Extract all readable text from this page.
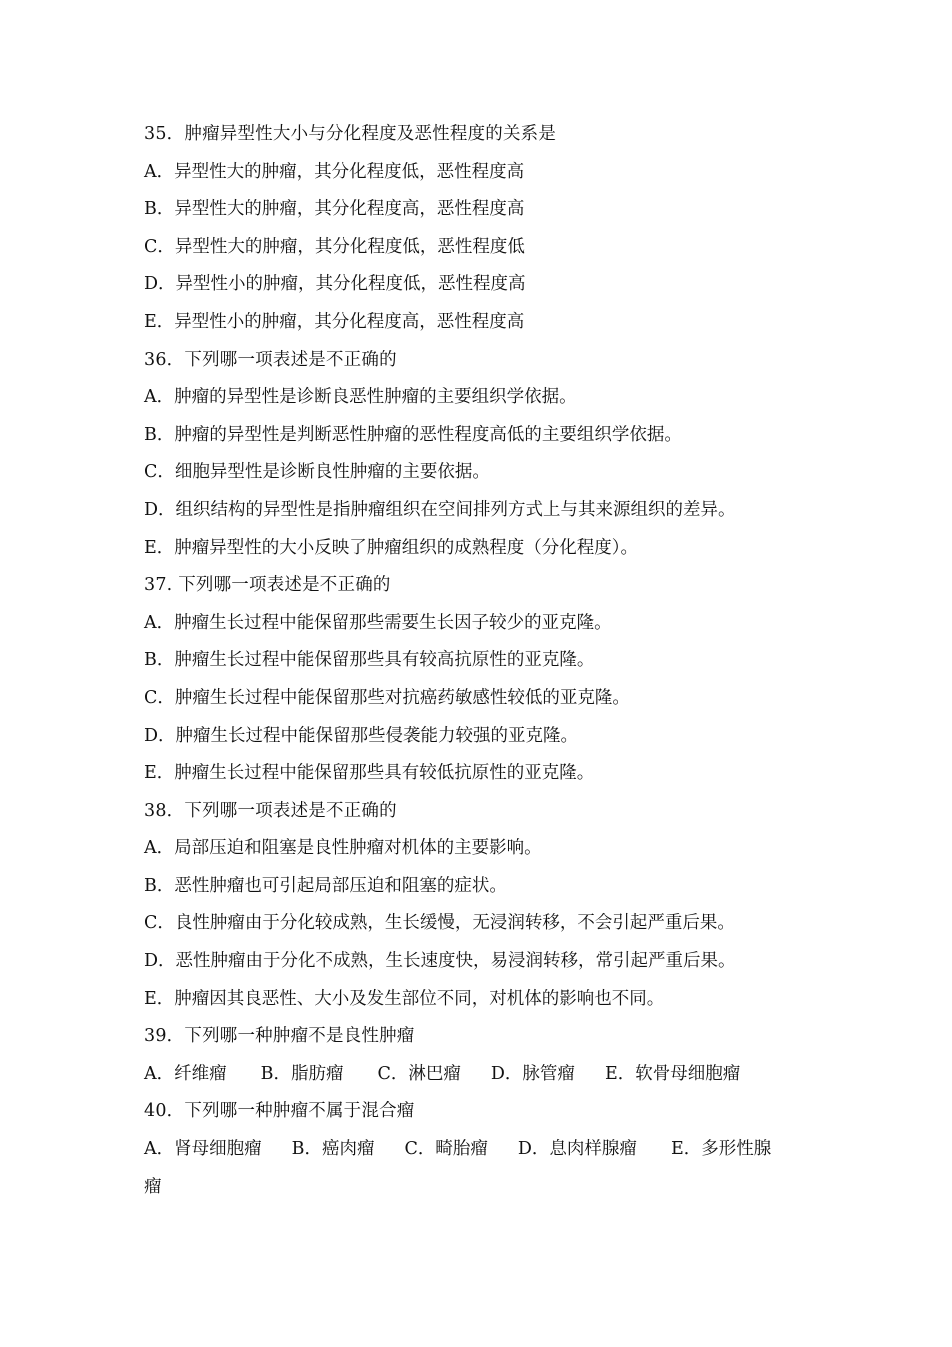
35．肿瘤异型性大小与分化程度及恶性程度的关系是
A．异型性大的肿瘤，其分化程度低，恶性程度高
B．异型性大的肿瘤，其分化程度高，恶性程度高
C．异型性大的肿瘤，其分化程度低，恶性程度低
D．异型性小的肿瘤，其分化程度低，恶性程度高
E．异型性小的肿瘤，其分化程度高，恶性程度高
36．下列哪一项表述是不正确的
A．肿瘤的异型性是诊断良恶性肿瘤的主要组织学依据。
B．肿瘤的异型性是判断恶性肿瘤的恶性程度高低的主要组织学依据。
C．细胞异型性是诊断良性肿瘤的主要依据。
D．组织结构的异型性是指肿瘤组织在空间排列方式上与其来源组织的差异。
E．肿瘤异型性的大小反映了肿瘤组织的成熟程度（分化程度）。
37. 下列哪一项表述是不正确的
A．肿瘤生长过程中能保留那些需要生长因子较少的亚克隆。
B．肿瘤生长过程中能保留那些具有较高抗原性的亚克隆。
C．肿瘤生长过程中能保留那些对抗癌药敏感性较低的亚克隆。
D．肿瘤生长过程中能保留那些侵袭能力较强的亚克隆。
E．肿瘤生长过程中能保留那些具有较低抗原性的亚克隆。
38．下列哪一项表述是不正确的
A．局部压迫和阻塞是良性肿瘤对机体的主要影响。
B．恶性肿瘤也可引起局部压迫和阻塞的症状。
C．良性肿瘤由于分化较成熟，生长缓慢，无浸润转移，不会引起严重后果。
D．恶性肿瘤由于分化不成熟，生长速度快，易浸润转移，常引起严重后果。
E．肿瘤因其良恶性、大小及发生部位不同，对机体的影响也不同。
39．下列哪一种肿瘤不是良性肿瘤
A．纤维瘤 B．脂肪瘤 C．淋巴瘤 D．脉管瘤 E．软骨母细胞瘤
40．下列哪一种肿瘤不属于混合瘤
A．肾母细胞瘤 B．癌肉瘤 C．畸胎瘤 D．息肉样腺瘤 E．多形性腺
瘤
